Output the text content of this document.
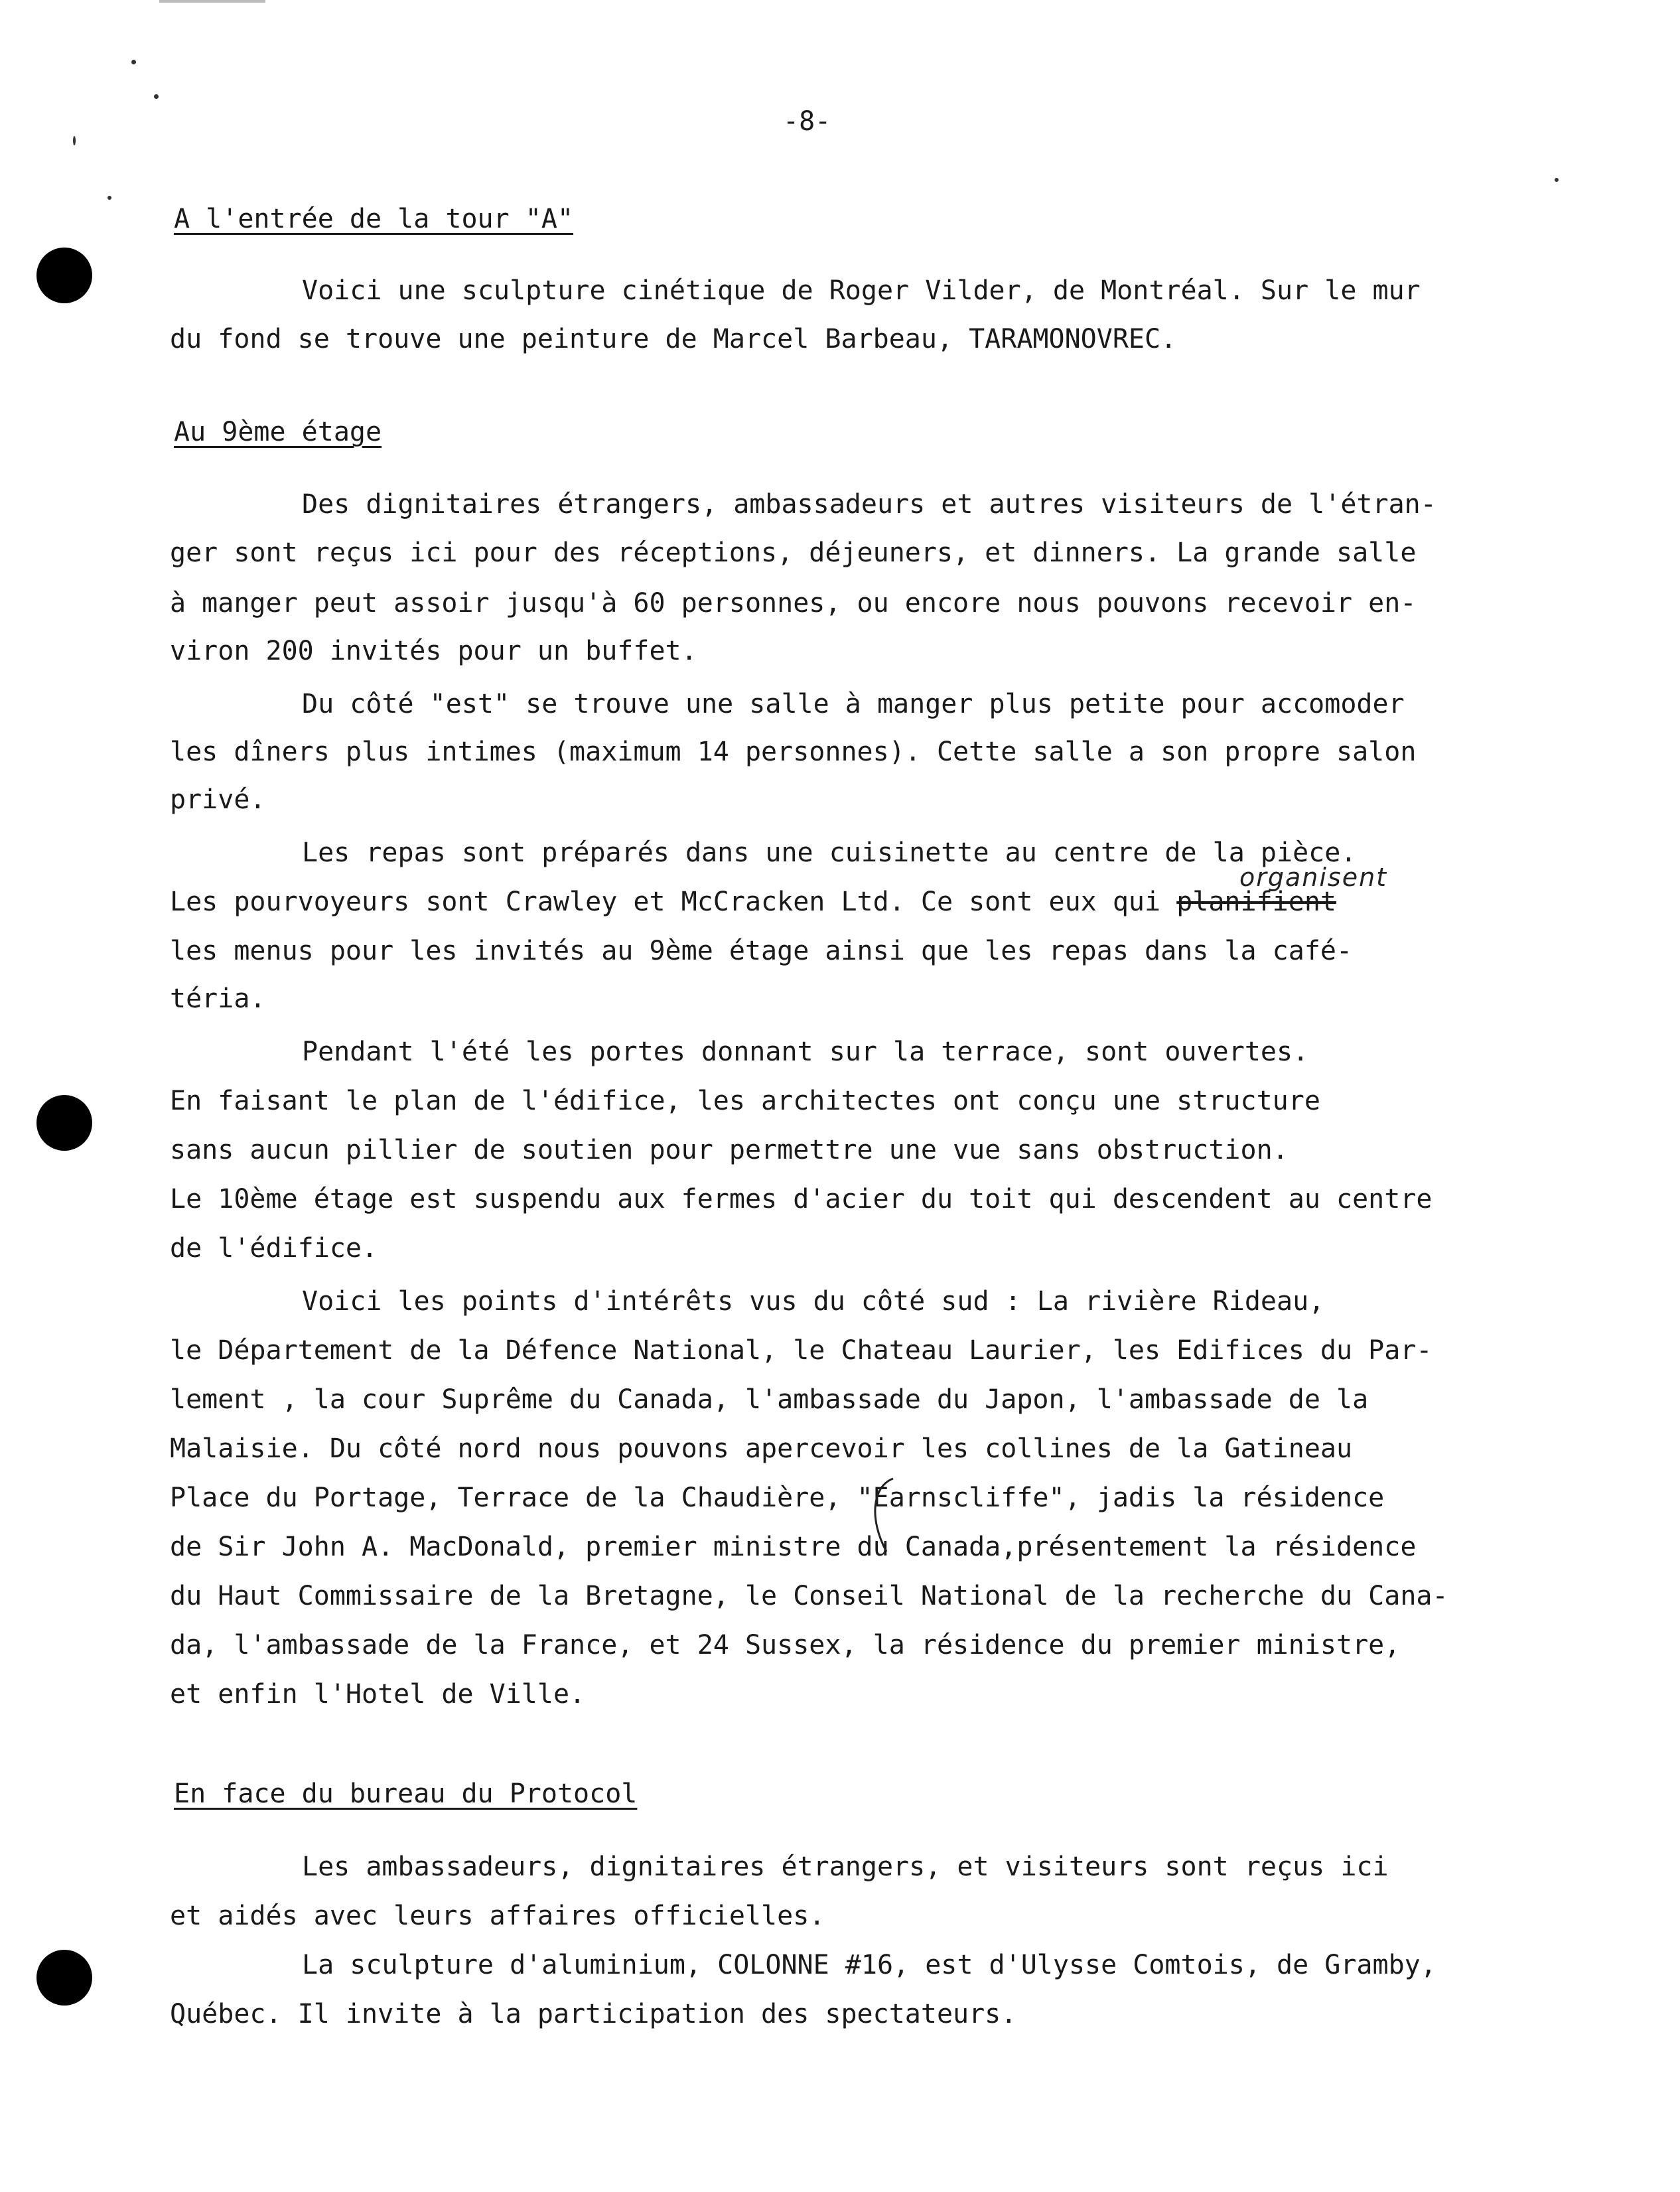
-8-
A l'entrée de la tour "A"
Voici une sculpture cinétique de Roger Vilder, de Montréal. Sur le mur
du fond se trouve une peinture de Marcel Barbeau, TARAMONOVREC.
Au 9ème étage
Des dignitaires étrangers, ambassadeurs et autres visiteurs de l'étran-
ger sont reçus ici pour des réceptions, déjeuners, et dinners. La grande salle
à manger peut assoir jusqu'à 60 personnes, ou encore nous pouvons recevoir en-
viron 200 invités pour un buffet.
Du côté "est" se trouve une salle à manger plus petite pour accomoder
les dîners plus intimes (maximum 14 personnes). Cette salle a son propre salon
privé.
Les repas sont préparés dans une cuisinette au centre de la pièce.
Les pourvoyeurs sont Crawley et McCracken Ltd. Ce sont eux qui planifient
organisent
les menus pour les invités au 9ème étage ainsi que les repas dans la café-
téria.
Pendant l'été les portes donnant sur la terrace, sont ouvertes.
En faisant le plan de l'édifice, les architectes ont conçu une structure
sans aucun pillier de soutien pour permettre une vue sans obstruction.
Le 10ème étage est suspendu aux fermes d'acier du toit qui descendent au centre
de l'édifice.
Voici les points d'intérêts vus du côté sud : La rivière Rideau,
le Département de la Défence National, le Chateau Laurier, les Edifices du Par-
lement , la cour Suprême du Canada, l'ambassade du Japon, l'ambassade de la
Malaisie. Du côté nord nous pouvons apercevoir les collines de la Gatineau
Place du Portage, Terrace de la Chaudière, "Earnscliffe", jadis la résidence
de Sir John A. MacDonald, premier ministre du Canada,présentement la résidence
du Haut Commissaire de la Bretagne, le Conseil National de la recherche du Cana-
da, l'ambassade de la France, et 24 Sussex, la résidence du premier ministre,
et enfin l'Hotel de Ville.
En face du bureau du Protocol
Les ambassadeurs, dignitaires étrangers, et visiteurs sont reçus ici
et aidés avec leurs affaires officielles.
La sculpture d'aluminium, COLONNE #16, est d'Ulysse Comtois, de Gramby,
Québec. Il invite à la participation des spectateurs.
